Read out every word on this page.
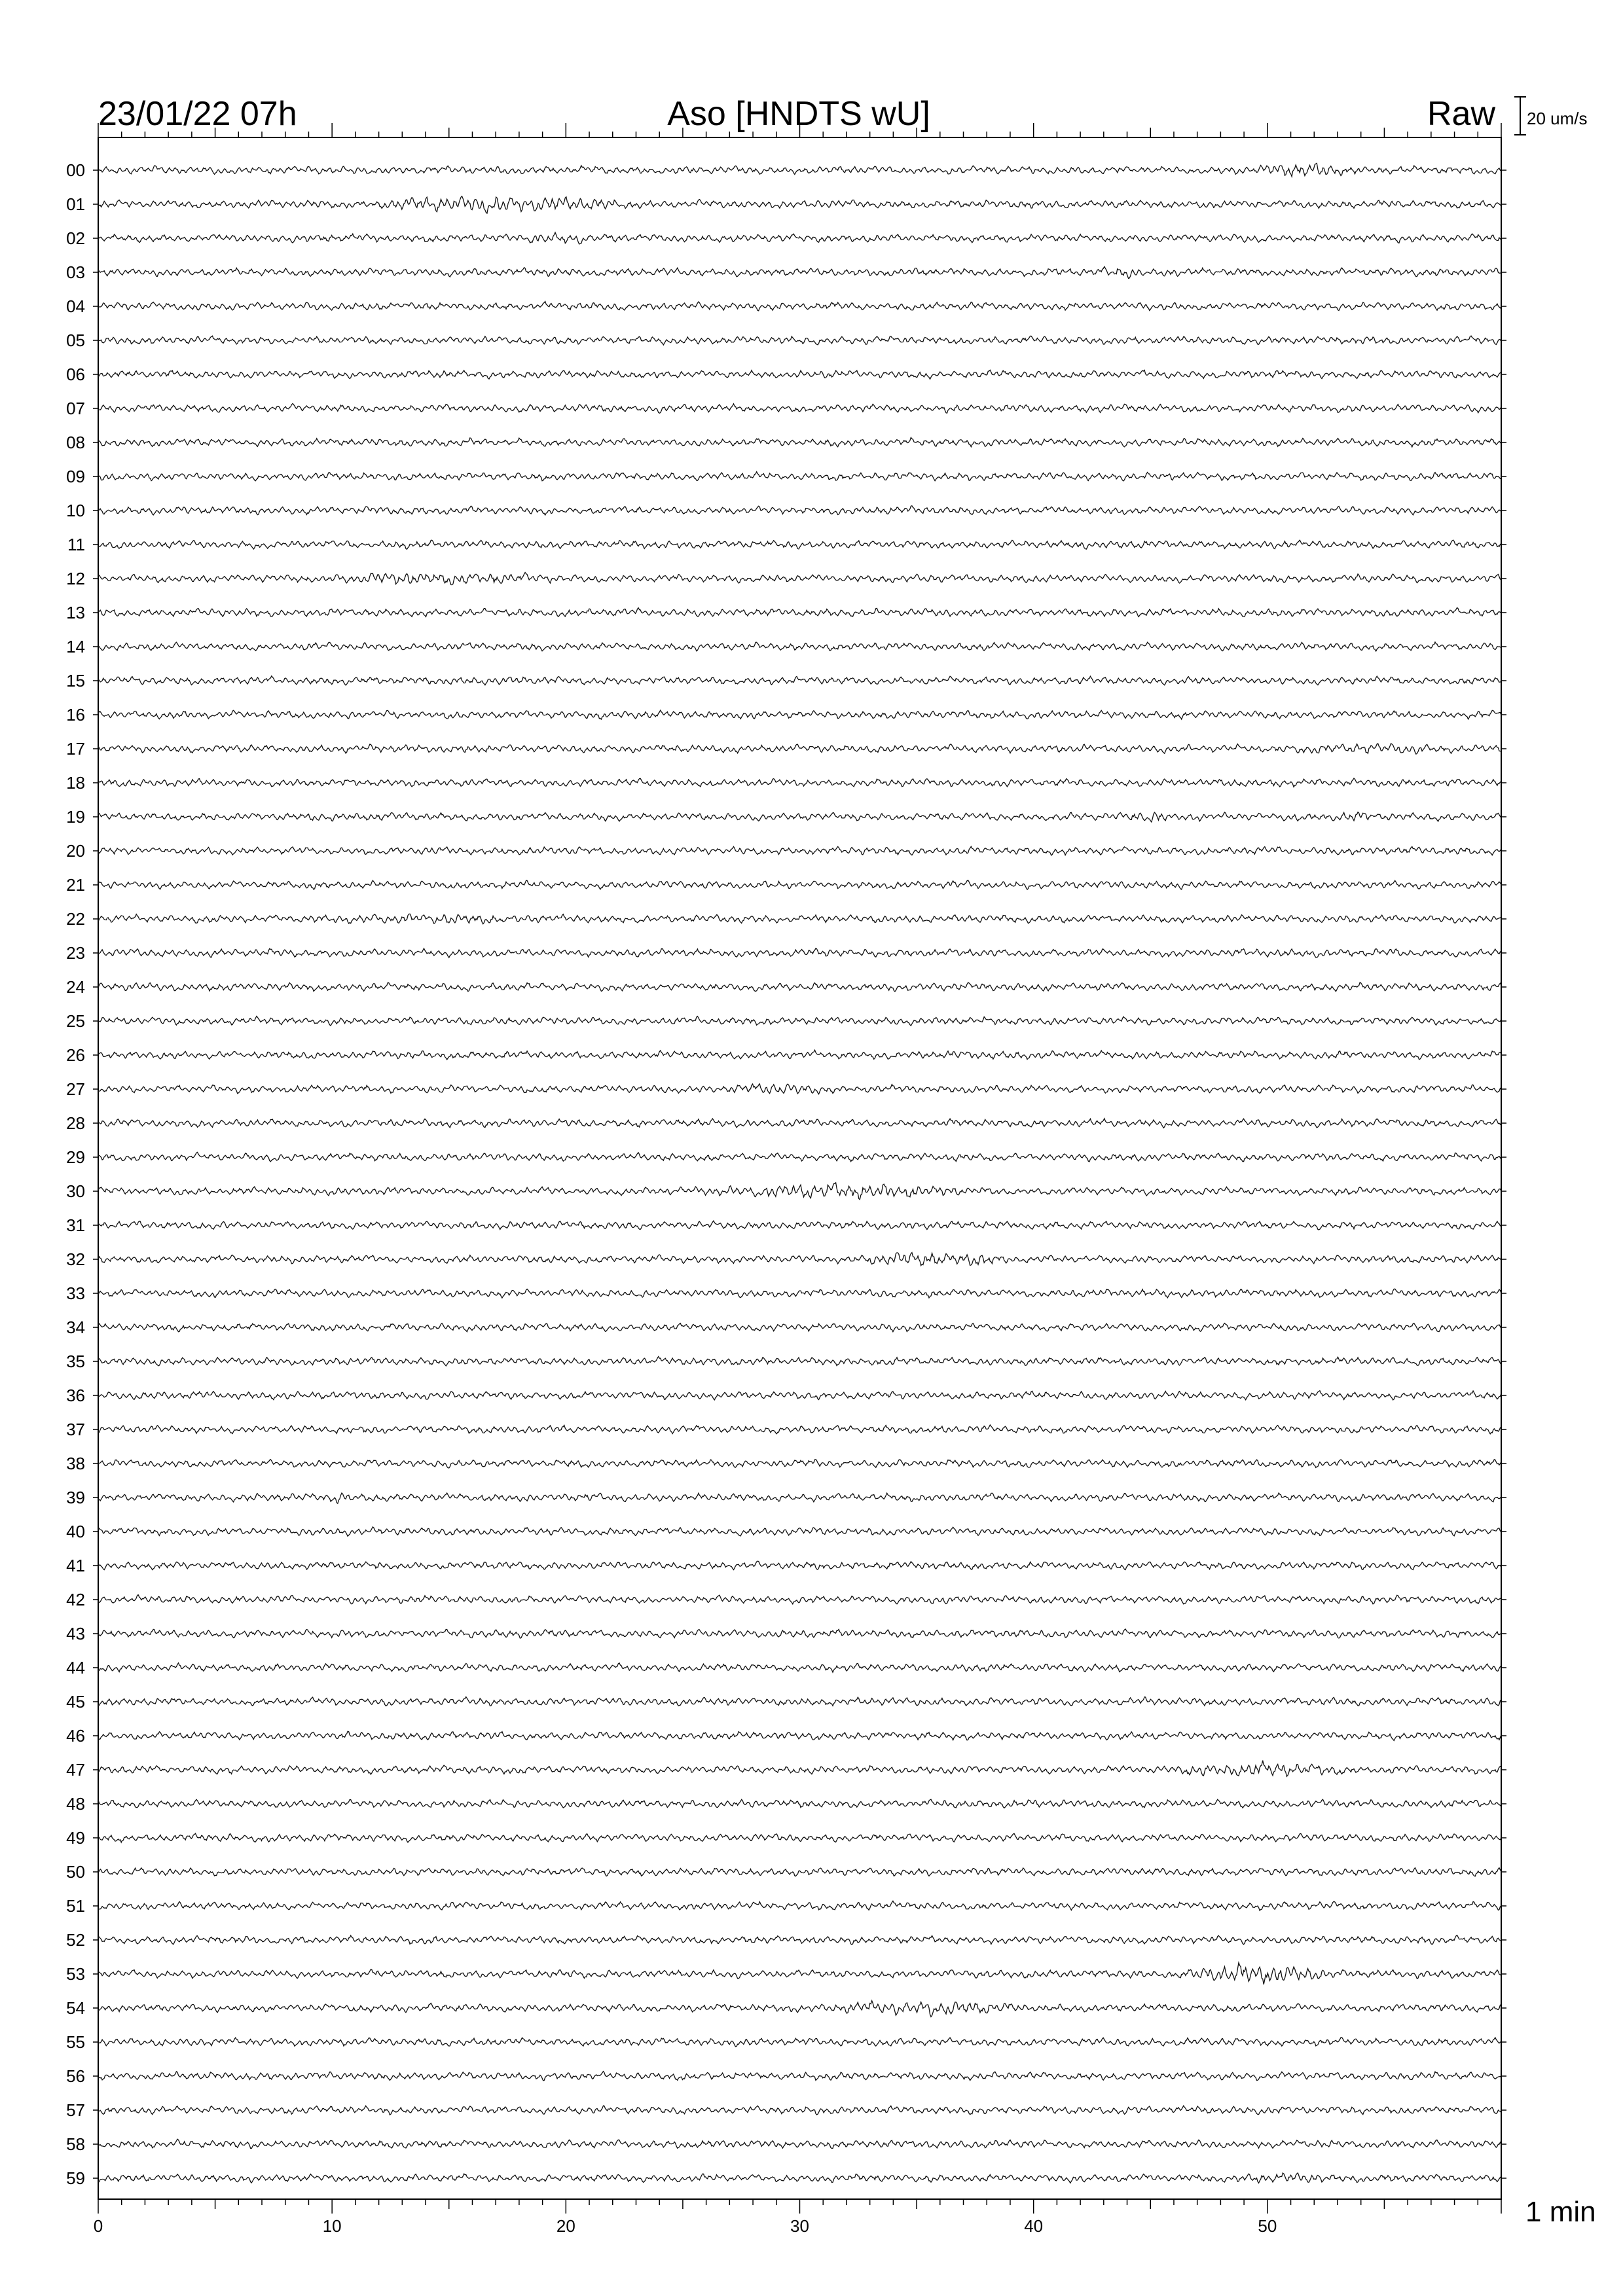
23/01/22 07h	Aso [HNDTS wU]	Raw 20 um/s
1 min
0	10	20	30	40	50
00
01
02
03
04
05
06
07
08
09
10
11
12
13
14
15
16
17
18
19
20
21
22
23
24
25
26
27
28
29
30
31
32
33
34
35
36
37
38
39
40
41
42
43
44
45
46
47
48
49
50
51
52
53
54
55
56
57
58
59
